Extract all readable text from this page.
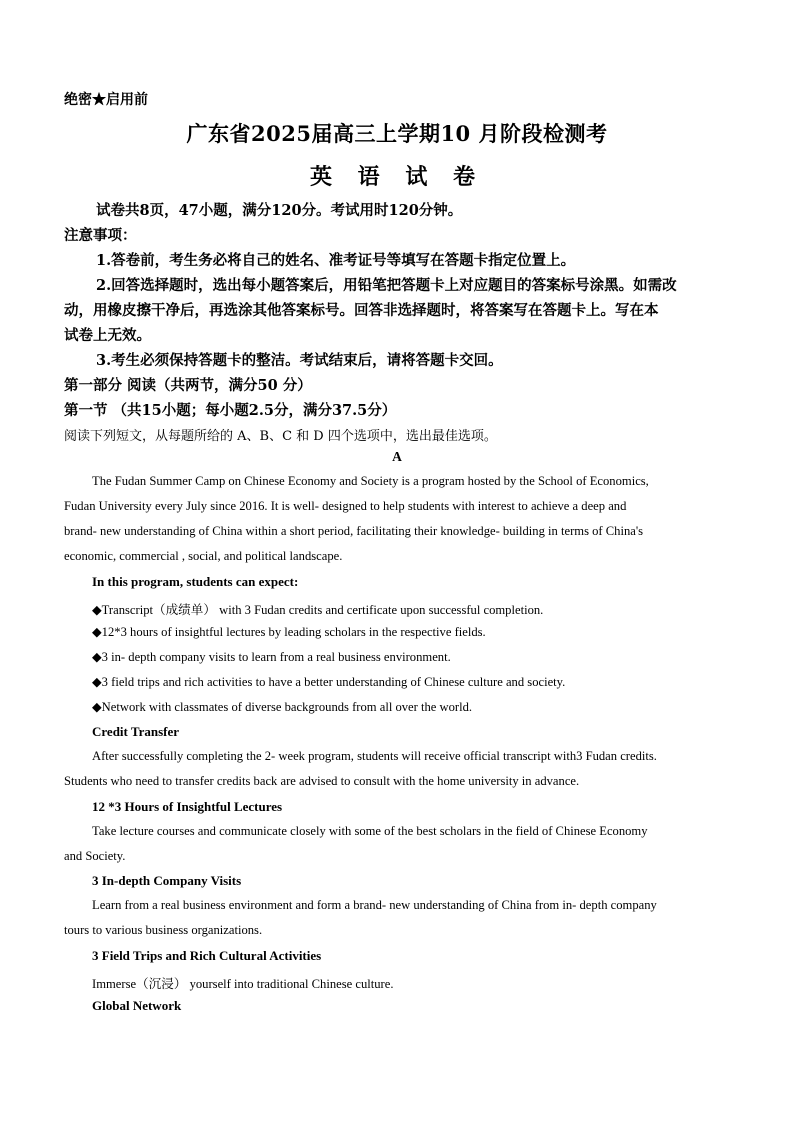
绝密★启用前
广东省2025届高三上学期10 月阶段检测考
英 语 试 卷
试卷共8页，47小题，满分120分。考试用时120分钟。
注意事项：
1.答卷前，考生务必将自己的姓名、准考证号等填写在答题卡指定位置上。
2.回答选择题时，选出每小题答案后，用铅笔把答题卡上对应题目的答案标号涂黑。如需改
动，用橡皮擦干净后，再选涂其他答案标号。回答非选择题时，将答案写在答题卡上。写在本
试卷上无效。
3.考生必须保持答题卡的整洁。考试结束后，请将答题卡交回。
第一部分 阅读（共两节，满分50 分）
第一节 （共15小题；每小题2.5分，满分37.5分）
阅读下列短文，从每题所给的 A、B、C 和 D 四个选项中，选出最佳选项。
A
The Fudan Summer Camp on Chinese Economy and Society is a program hosted by the School of Economics,
Fudan University every July since 2016. It is well- designed to help students with interest to achieve a deep and
brand- new understanding of China within a short period, facilitating their knowledge- building in terms of China's
economic, commercial , social, and political landscape.
In this program, students can expect:
◆Transcript（成绩单） with 3 Fudan credits and certificate upon successful completion.
◆12*3 hours of insightful lectures by leading scholars in the respective fields.
◆3 in- depth company visits to learn from a real business environment.
◆3 field trips and rich activities to have a better understanding of Chinese culture and society.
◆Network with classmates of diverse backgrounds from all over the world.
Credit Transfer
After successfully completing the 2- week program, students will receive official transcript with3 Fudan credits.
Students who need to transfer credits back are advised to consult with the home university in advance.
12 *3 Hours of Insightful Lectures
Take lecture courses and communicate closely with some of the best scholars in the field of Chinese Economy
and Society.
3 In-depth Company Visits
Learn from a real business environment and form a brand- new understanding of China from in- depth company
tours to various business organizations.
3 Field Trips and Rich Cultural Activities
Immerse（沉浸） yourself into traditional Chinese culture.
Global Network
